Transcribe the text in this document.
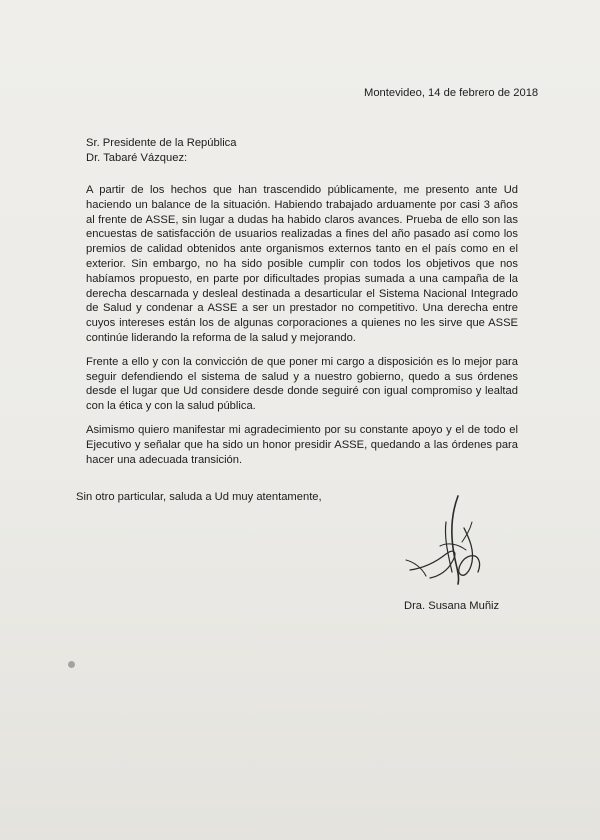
Montevideo, 14 de febrero de 2018
Sr. Presidente de la República
Dr. Tabaré Vázquez:

A partir de los hechos que han trascendido públicamente, me presento ante Ud haciendo un balance de la situación. Habiendo trabajado arduamente por casi 3 años al frente de ASSE, sin lugar a dudas ha habido claros avances. Prueba de ello son las encuestas de satisfacción de usuarios realizadas a fines del año pasado así como los premios de calidad obtenidos ante organismos externos tanto en el país como en el exterior. Sin embargo, no ha sido posible cumplir con todos los objetivos que nos habíamos propuesto, en parte por dificultades propias sumada a una campaña de la derecha descarnada y desleal destinada a desarticular el Sistema Nacional Integrado de Salud y condenar a ASSE a ser un prestador no competitivo. Una derecha entre cuyos intereses están los de algunas corporaciones a quienes no les sirve que ASSE continúe liderando la reforma de la salud y mejorando.

Frente a ello y con la convicción de que poner mi cargo a disposición es lo mejor para seguir defendiendo el sistema de salud y a nuestro gobierno, quedo a sus órdenes desde el lugar que Ud considere desde donde seguiré con igual compromiso y lealtad con la ética y con la salud pública.

Asimismo quiero manifestar mi agradecimiento por su constante apoyo y el de todo el Ejecutivo y señalar que ha sido un honor presidir ASSE, quedando a las órdenes para hacer una adecuada transición.

Sin otro particular, saluda a Ud muy atentamente,
Dra. Susana Muñiz
